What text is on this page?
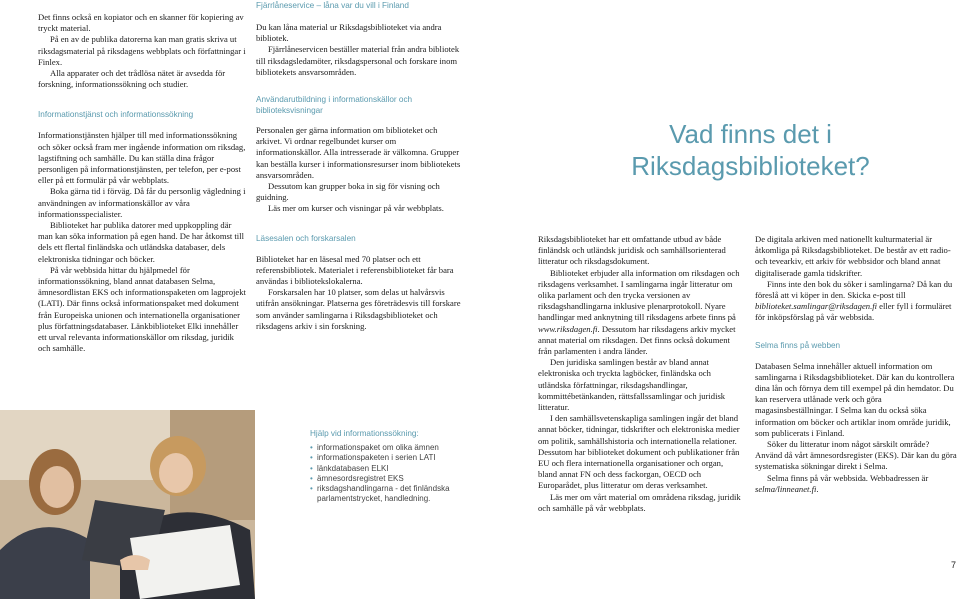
Det finns också en kopiator och en skanner för kopiering av tryckt material.

På en av de publika datorerna kan man gratis skriva ut riksdagsmaterial på riksdagens webbplats och författningar i Finlex.

Alla apparater och det trådlösa nätet är avsedda för forskning, informationssökning och studier.

Informationstjänst och informationssökning

Informationstjänsten hjälper till med informationssökning och söker också fram mer ingående information om riksdag, lagstiftning och samhälle. Du kan ställa dina frågor personligen på informationstjänsten, per telefon, per e-post eller på ett formulär på vår webbplats.

Boka gärna tid i förväg. Då får du personlig vägledning i användningen av informationskällor av våra informationsspecialister.

Biblioteket har publika datorer med uppkoppling där man kan söka information på egen hand. De har åtkomst till dels ett flertal finländska och utländska databaser, dels elektroniska tidningar och böcker.

På vår webbsida hittar du hjälpmedel för informationssökning, bland annat databasen Selma, ämnesordlistan EKS och informationspaketen om lagprojekt (LATI). Där finns också informationspaket med dokument från Europeiska unionen och internationella organisationer plus författningsdatabaser. Länkbiblioteket Elki innehåller ett urval relevanta informationskällor om riksdag, juridik och samhälle.

Fjärrlåneservice – låna var du vill i Finland

Du kan låna material ur Riksdagsbiblioteket via andra bibliotek.

Fjärrlåneservicen beställer material från andra bibliotek till riksdagsledamöter, riksdagspersonal och forskare inom bibliotekets ansvarsområden.

Användarutbildning i informationskällor och biblioteksvisningar

Personalen ger gärna information om biblioteket och arkivet. Vi ordnar regelbundet kurser om informationskällor. Alla intresserade är välkomna. Grupper kan beställa kurser i informationsresurser inom bibliotekets ansvarsområden.

Dessutom kan grupper boka in sig för visning och guidning.

Läs mer om kurser och visningar på vår webbplats.

Läsesalen och forskarsalen

Biblioteket har en läsesal med 70 platser och ett referensbibliotek. Materialet i referensbiblioteket får bara användas i bibliotekslokalerna.

Forskarsalen har 10 platser, som delas ut halvårsvis utifrån ansökningar. Platserna ges företrädesvis till forskare som använder samlingarna i Riksdagsbiblioteket och riksdagens arkiv i sin forskning.

Hjälp vid informationssökning:

• informationspaket om olika ämnen
• informationspaketen i serien LATI
• länkdatabasen ELKI
• ämnesordsregistret EKS
• riksdagshandlingarna - det finländska parlamentstrycket, handledning.
Vad finns det i Riksdagsbiblioteket?

Riksdagsbiblioteket har ett omfattande utbud av både finländsk och utländsk juridisk och samhällsorienterad litteratur och riksdagsdokument.

Biblioteket erbjuder alla information om riksdagen och riksdagens verksamhet. I samlingarna ingår litteratur om olika parlament och den trycka versionen av riksdagshandlingarna inklusive plenarprotokoll. Nyare handlingar med anknytning till riksdagens arbete finns på www.riksdagen.fi. Dessutom har riksdagens arkiv mycket annat material om riksdagen. Det finns också dokument från parlamenten i andra länder.

Den juridiska samlingen består av bland annat elektroniska och tryckta lagböcker, finländska och utländska författningar, riksdagshandlingar, kommittébetänkanden, rättsfallssamlingar och juridisk litteratur.

I den samhällsvetenskapliga samlingen ingår det bland annat böcker, tidningar, tidskrifter och elektroniska medier om politik, samhällshistoria och internationella relationer. Dessutom har biblioteket dokument och publikationer från EU och flera internationella organisationer och organ, bland annat FN och dess fackorgan, OECD och Europarådet, plus litteratur om deras verksamhet.

Läs mer om vårt material om områdena riksdag, juridik och samhälle på vår webbplats.

De digitala arkiven med nationellt kulturmaterial är åtkomliga på Riksdagsbiblioteket. De består av ett radio- och tevearkiv, ett arkiv för webbsidor och bland annat digitaliserade gamla tidskrifter.

Finns inte den bok du söker i samlingarna? Då kan du föreslå att vi köper in den. Skicka e-post till biblioteket.samlingar@riksdagen.fi eller fyll i formuläret för inköpsförslag på vår webbsida.

Selma finns på webben

Databasen Selma innehåller aktuell information om samlingarna i Riksdagsbiblioteket. Där kan du kontrollera dina lån och förnya dem till exempel på din hemdator. Du kan reservera utlånade verk och göra magasinsbeställningar. I Selma kan du också söka information om böcker och artiklar inom område juridik, som publicerats i Finland.

Söker du litteratur inom något särskilt område? Använd då vårt ämnesordsregister (EKS). Där kan du göra systematiska sökningar direkt i Selma.

Selma finns på vår webbsida. Webbadressen är selma/linneanet.fi.

7
